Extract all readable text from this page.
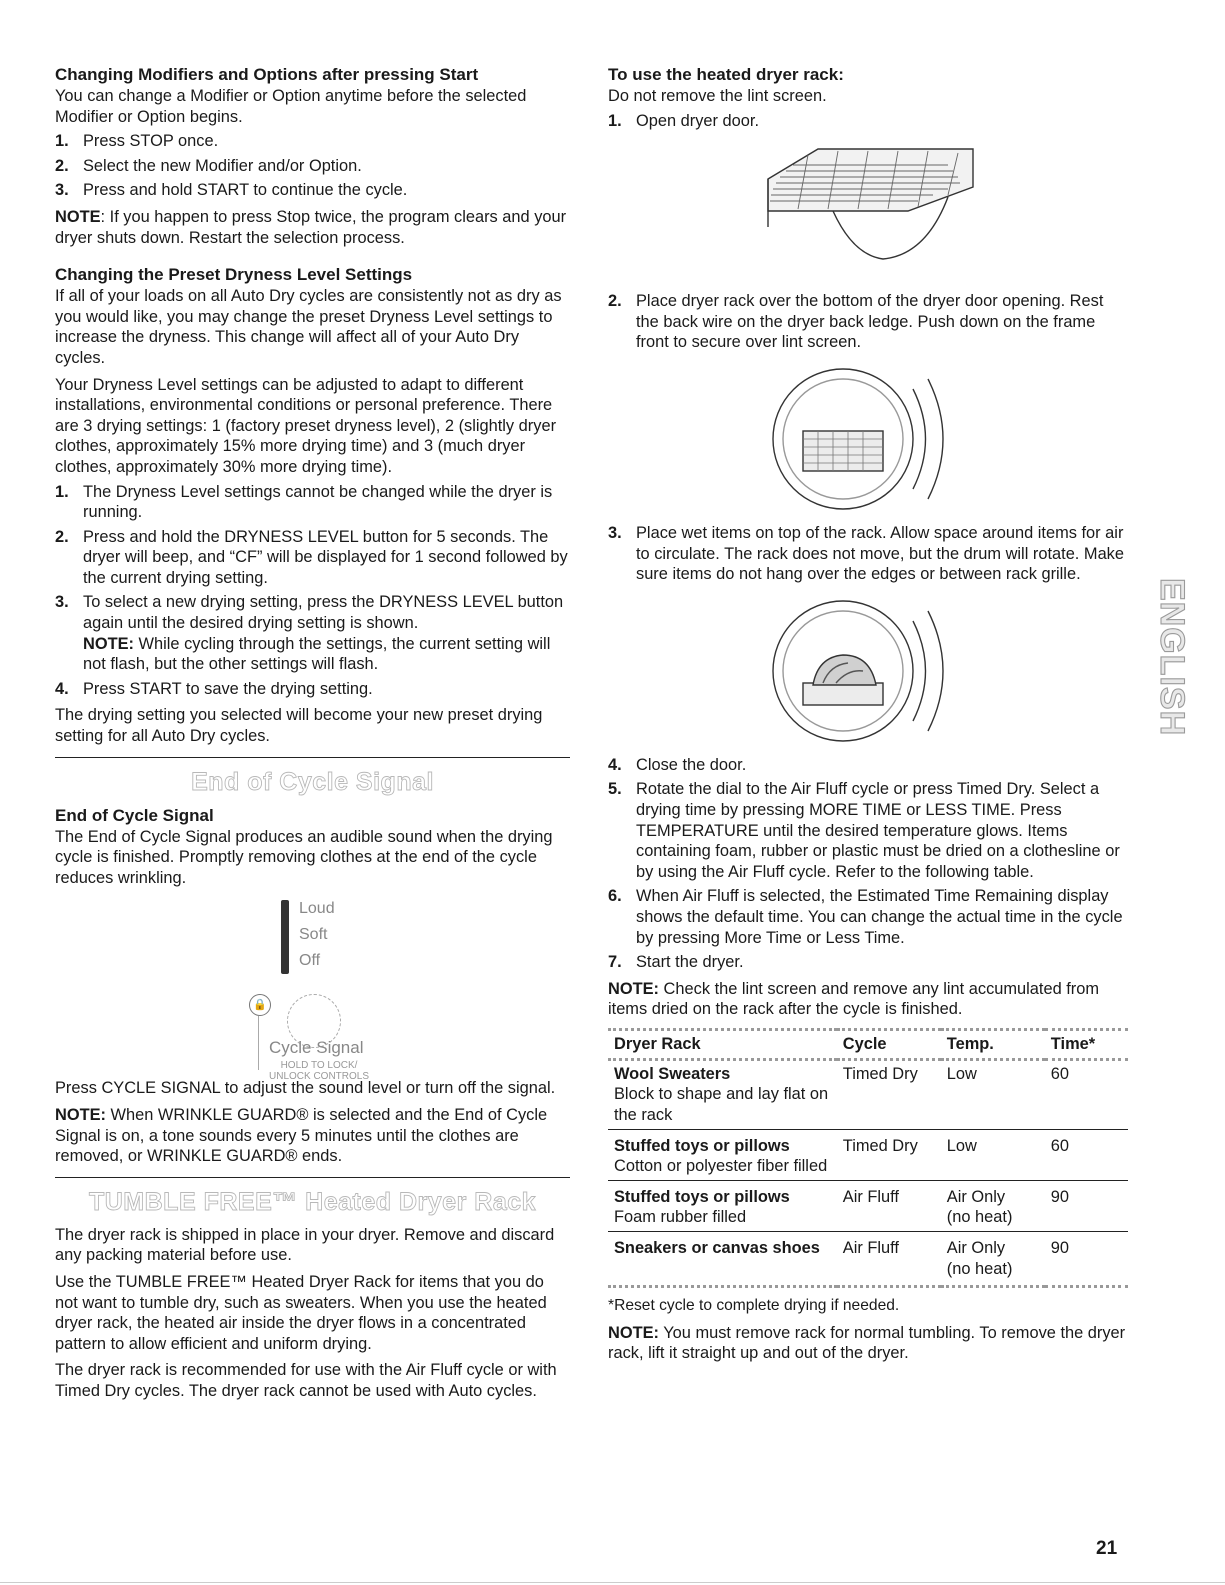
Changing Modifiers and Options after pressing Start

You can change a Modifier or Option anytime before the selected Modifier or Option begins.

1. Press STOP once.
2. Select the new Modifier and/or Option.
3. Press and hold START to continue the cycle.

NOTE: If you happen to press Stop twice, the program clears and your dryer shuts down. Restart the selection process.

Changing the Preset Dryness Level Settings

If all of your loads on all Auto Dry cycles are consistently not as dry as you would like, you may change the preset Dryness Level settings to increase the dryness. This change will affect all of your Auto Dry cycles.

Your Dryness Level settings can be adjusted to adapt to different installations, environmental conditions or personal preference. There are 3 drying settings: 1 (factory preset dryness level), 2 (slightly dryer clothes, approximately 15% more drying time) and 3 (much dryer clothes, approximately 30% more drying time).

1. The Dryness Level settings cannot be changed while the dryer is running.
2. Press and hold the DRYNESS LEVEL button for 5 seconds. The dryer will beep, and “CF” will be displayed for 1 second followed by the current drying setting.
3. To select a new drying setting, press the DRYNESS LEVEL button again until the desired drying setting is shown.
NOTE: While cycling through the settings, the current setting will not flash, but the other settings will flash.
4. Press START to save the drying setting.

The drying setting you selected will become your new preset drying setting for all Auto Dry cycles.

End of Cycle Signal
End of Cycle Signal

The End of Cycle Signal produces an audible sound when the drying cycle is finished. Promptly removing clothes at the end of the cycle reduces wrinkling.

Loud
Soft
Off
🔒
Cycle Signal
HOLD TO LOCK/
UNLOCK CONTROLS

Press CYCLE SIGNAL to adjust the sound level or turn off the signal.

NOTE: When WRINKLE GUARD® is selected and the End of Cycle Signal is on, a tone sounds every 5 minutes until the clothes are removed, or WRINKLE GUARD® ends.

TUMBLE FREE™ Heated Dryer Rack

The dryer rack is shipped in place in your dryer. Remove and discard any packing material before use.

Use the TUMBLE FREE™ Heated Dryer Rack for items that you do not want to tumble dry, such as sweaters. When you use the heated dryer rack, the heated air inside the dryer flows in a concentrated pattern to allow efficient and uniform drying.

The dryer rack is recommended for use with the Air Fluff cycle or with Timed Dry cycles. The dryer rack cannot be used with Auto cycles.

To use the heated dryer rack:

Do not remove the lint screen.

1. Open dryer door.
2. Place dryer rack over the bottom of the dryer door opening. Rest the back wire on the dryer back ledge. Push down on the frame front to secure over lint screen.
3. Place wet items on top of the rack. Allow space around items for air to circulate. The rack does not move, but the drum will rotate. Make sure items do not hang over the edges or between rack grille.
4. Close the door.
5. Rotate the dial to the Air Fluff cycle or press Timed Dry. Select a drying time by pressing MORE TIME or LESS TIME. Press TEMPERATURE until the desired temperature glows. Items containing foam, rubber or plastic must be dried on a clothesline or by using the Air Fluff cycle. Refer to the following table.
6. When Air Fluff is selected, the Estimated Time Remaining display shows the default time. You can change the actual time in the cycle by pressing More Time or Less Time.
7. Start the dryer.

NOTE: Check the lint screen and remove any lint accumulated from items dried on the rack after the cycle is finished.

Dryer Rack	Cycle	Temp.	Time*
Wool Sweaters
Block to shape and lay flat on the rack	Timed Dry	Low	60
Stuffed toys or pillows
Cotton or polyester fiber filled	Timed Dry	Low	60
Stuffed toys or pillows
Foam rubber filled	Air Fluff	Air Only
(no heat)	90
Sneakers or canvas shoes	Air Fluff	Air Only
(no heat)	90

*Reset cycle to complete drying if needed.

NOTE: You must remove rack for normal tumbling. To remove the dryer rack, lift it straight up and out of the dryer.

ENGLISH
21
